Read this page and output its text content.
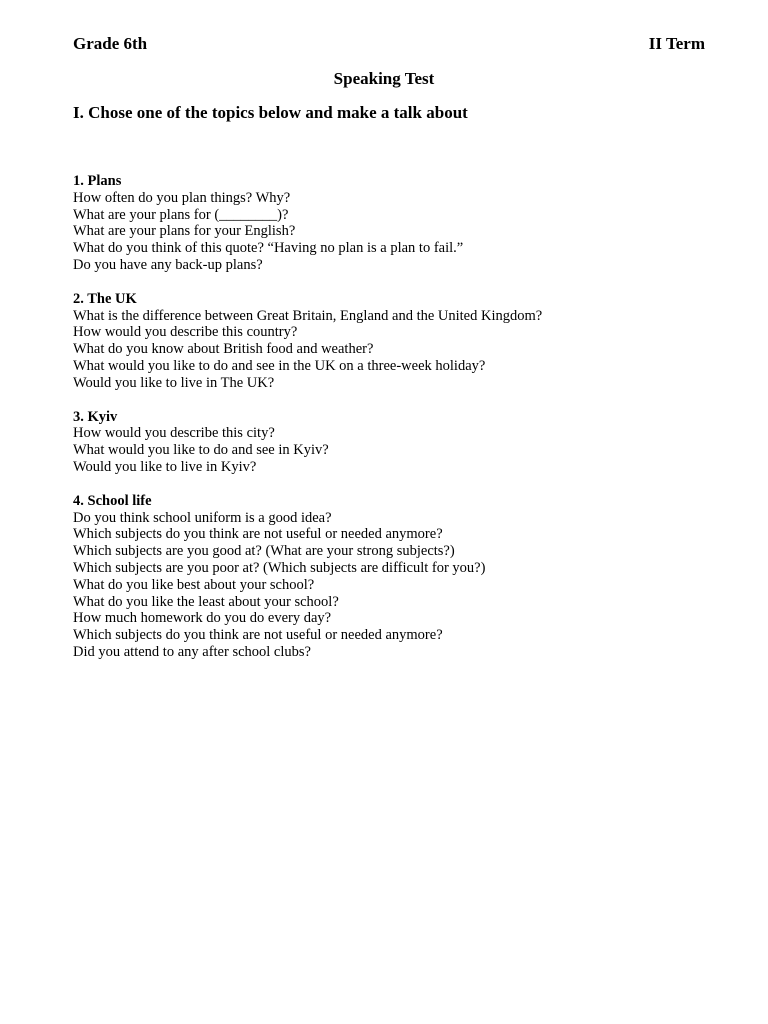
Grade 6th	II Term
Speaking Test
I. Chose one of the topics below and make a talk about
1. Plans
How often do you plan things? Why?
What are your plans for (________)?
What are your plans for your English?
What do you think of this quote? “Having no plan is a plan to fail.”
Do you have any back-up plans?
2. The UK
What is the difference between Great Britain, England and the United Kingdom?
How would you describe this country?
What do you know about British food and weather?
What would you like to do and see in the UK on a three-week holiday?
Would you like to live in The UK?
3. Kyiv
How would you describe this city?
What would you like to do and see in Kyiv?
Would you like to live in Kyiv?
4. School life
Do you think school uniform is a good idea?
Which subjects do you think are not useful or needed anymore?
Which subjects are you good at? (What are your strong subjects?)
Which subjects are you poor at? (Which subjects are difficult for you?)
What do you like best about your school?
What do you like the least about your school?
How much homework do you do every day?
Which subjects do you think are not useful or needed anymore?
Did you attend to any after school clubs?
